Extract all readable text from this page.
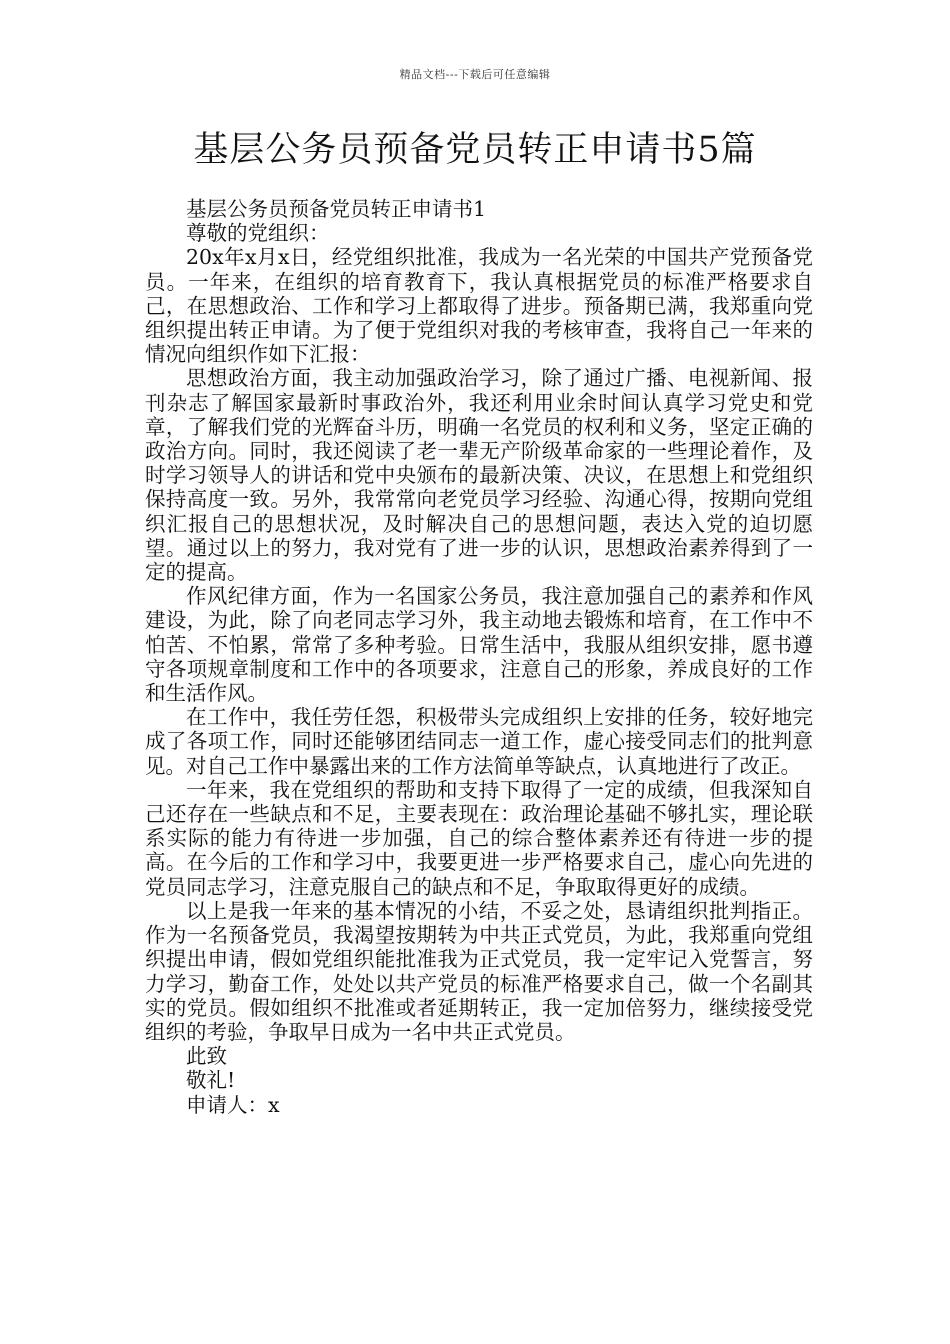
精品文档---下载后可任意编辑
基层公务员预备党员转正申请书5篇

基层公务员预备党员转正申请书1

尊敬的党组织：

20x年x月x日，经党组织批准，我成为一名光荣的中国共产党预备党员。一年来，在组织的培育教育下，我认真根据党员的标准严格要求自己，在思想政治、工作和学习上都取得了进步。预备期已满，我郑重向党组织提出转正申请。为了便于党组织对我的考核审查，我将自己一年来的情况向组织作如下汇报：

思想政治方面，我主动加强政治学习，除了通过广播、电视新闻、报刊杂志了解国家最新时事政治外，我还利用业余时间认真学习党史和党章，了解我们党的光辉奋斗历，明确一名党员的权利和义务，坚定正确的政治方向。同时，我还阅读了老一辈无产阶级革命家的一些理论着作，及时学习领导人的讲话和党中央颁布的最新决策、决议，在思想上和党组织保持高度一致。另外，我常常向老党员学习经验、沟通心得，按期向党组织汇报自己的思想状况，及时解决自己的思想问题，表达入党的迫切愿望。通过以上的努力，我对党有了进一步的认识，思想政治素养得到了一定的提高。

作风纪律方面，作为一名国家公务员，我注意加强自己的素养和作风建设，为此，除了向老同志学习外，我主动地去锻炼和培育，在工作中不怕苦、不怕累，常常了多种考验。日常生活中，我服从组织安排，愿书遵守各项规章制度和工作中的各项要求，注意自己的形象，养成良好的工作和生活作风。

在工作中，我任劳任怨，积极带头完成组织上安排的任务，较好地完成了各项工作，同时还能够团结同志一道工作，虚心接受同志们的批判意见。对自己工作中暴露出来的工作方法简单等缺点，认真地进行了改正。

一年来，我在党组织的帮助和支持下取得了一定的成绩，但我深知自己还存在一些缺点和不足，主要表现在：政治理论基础不够扎实，理论联系实际的能力有待进一步加强，自己的综合整体素养还有待进一步的提高。在今后的工作和学习中，我要更进一步严格要求自己，虚心向先进的党员同志学习，注意克服自己的缺点和不足，争取取得更好的成绩。

以上是我一年来的基本情况的小结，不妥之处，恳请组织批判指正。作为一名预备党员，我渴望按期转为中共正式党员，为此，我郑重向党组织提出申请，假如党组织能批准我为正式党员，我一定牢记入党誓言，努力学习，勤奋工作，处处以共产党员的标准严格要求自己，做一个名副其实的党员。假如组织不批准或者延期转正，我一定加倍努力，继续接受党组织的考验，争取早日成为一名中共正式党员。

此致

敬礼!

申请人：x
